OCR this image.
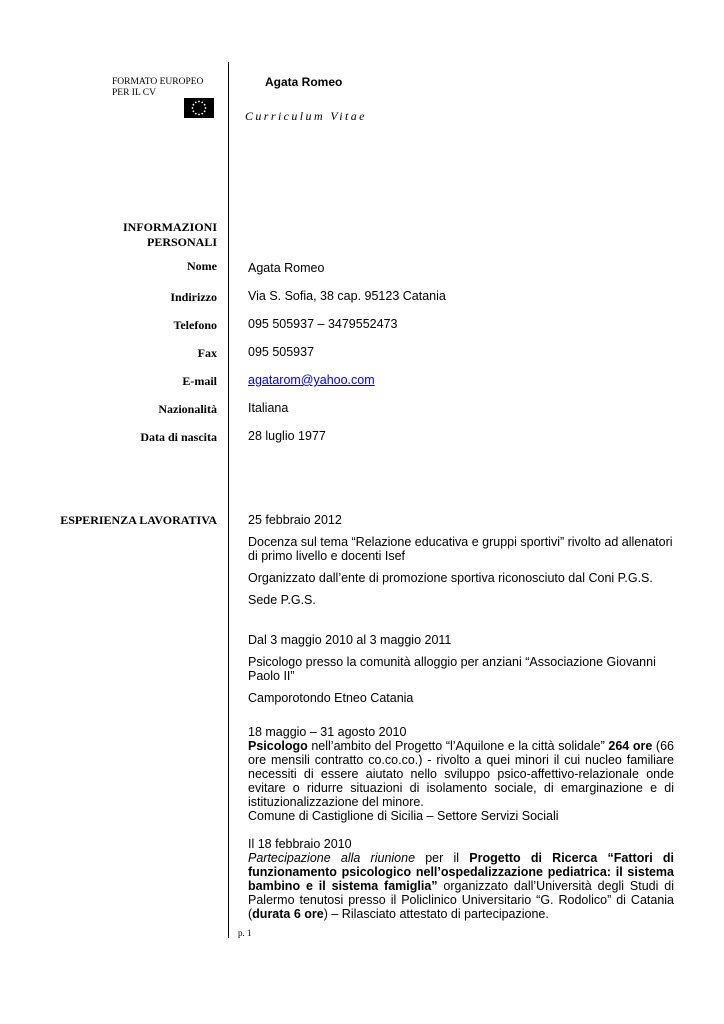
FORMATO EUROPEO
PER IL CV
Agata Romeo
Curriculum Vitae
INFORMAZIONI
PERSONALI
Nome Agata Romeo
Indirizzo Via S. Sofia, 38 cap. 95123 Catania
Telefono 095 505937 – 3479552473
Fax 095 505937
E-mail agatarom@yahoo.com
Nazionalità Italiana
Data di nascita 28 luglio 1977
ESPERIENZA LAVORATIVA 25 febbraio 2012
Docenza sul tema “Relazione educativa e gruppi sportivi” rivolto ad allenatori di primo livello e docenti Isef
Organizzato dall’ente di promozione sportiva riconosciuto dal Coni P.G.S.
Sede P.G.S.
Dal 3 maggio 2010 al 3 maggio 2011
Psicologo presso la comunità alloggio per anziani “Associazione Giovanni Paolo II”
Camporotondo Etneo Catania
18 maggio – 31 agosto 2010
Psicologo nell’ambito del Progetto “l’Aquilone e la città solidale” 264 ore (66 ore mensili contratto co.co.co.) - rivolto a quei minori il cui nucleo familiare necessiti di essere aiutato nello sviluppo psico-affettivo-relazionale onde evitare o ridurre situazioni di isolamento sociale, di emarginazione e di istituzionalizzazione del minore.
Comune di Castiglione di Sicilia – Settore Servizi Sociali
Il 18 febbraio 2010
Partecipazione alla riunione per il Progetto di Ricerca “Fattori di funzionamento psicologico nell’ospedalizzazione pediatrica: il sistema bambino e il sistema famiglia” organizzato dall’Università degli Studi di Palermo tenutosi presso il Policlinico Universitario “G. Rodolico” di Catania (durata 6 ore) – Rilasciato attestato di partecipazione.
p. 1
